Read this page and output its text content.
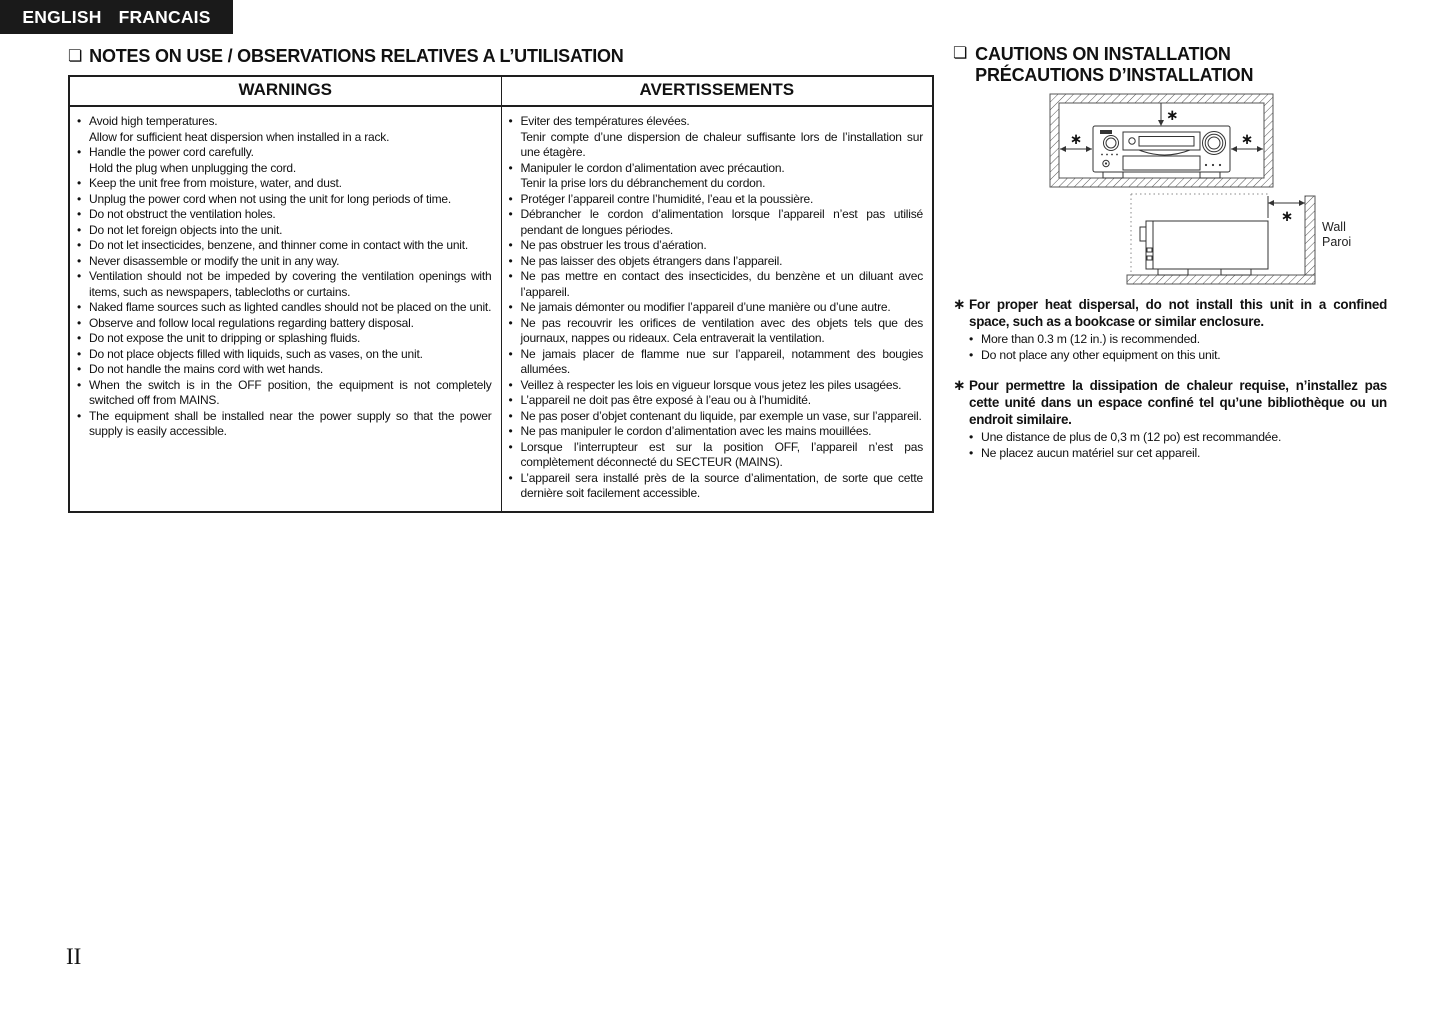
ENGLISH FRANCAIS
❏ NOTES ON USE / OBSERVATIONS RELATIVES A L’UTILISATION
WARNINGS	AVERTISSEMENTS
• Avoid high temperatures.
Allow for sufficient heat dispersion when installed in a rack.
• Handle the power cord carefully.
Hold the plug when unplugging the cord.
• Keep the unit free from moisture, water, and dust.
• Unplug the power cord when not using the unit for long periods of time.
• Do not obstruct the ventilation holes.
• Do not let foreign objects into the unit.
• Do not let insecticides, benzene, and thinner come in contact with the unit.
• Never disassemble or modify the unit in any way.
• Ventilation should not be impeded by covering the ventilation openings with items, such as newspapers, tablecloths or curtains.
• Naked flame sources such as lighted candles should not be placed on the unit.
• Observe and follow local regulations regarding battery disposal.
• Do not expose the unit to dripping or splashing fluids.
• Do not place objects filled with liquids, such as vases, on the unit.
• Do not handle the mains cord with wet hands.
• When the switch is in the OFF position, the equipment is not completely switched off from MAINS.
• The equipment shall be installed near the power supply so that the power supply is easily accessible.
• Eviter des températures élevées.
Tenir compte d’une dispersion de chaleur suffisante lors de l’installation sur une étagère.
• Manipuler le cordon d’alimentation avec précaution.
Tenir la prise lors du débranchement du cordon.
• Protéger l’appareil contre l’humidité, l’eau et la poussière.
• Débrancher le cordon d’alimentation lorsque l’appareil n’est pas utilisé pendant de longues périodes.
• Ne pas obstruer les trous d’aération.
• Ne pas laisser des objets étrangers dans l’appareil.
• Ne pas mettre en contact des insecticides, du benzène et un diluant avec l’appareil.
• Ne jamais démonter ou modifier l’appareil d’une manière ou d’une autre.
• Ne pas recouvrir les orifices de ventilation avec des objets tels que des journaux, nappes ou rideaux. Cela entraverait la ventilation.
• Ne jamais placer de flamme nue sur l’appareil, notamment des bougies allumées.
• Veillez à respecter les lois en vigueur lorsque vous jetez les piles usagées.
• L’appareil ne doit pas être exposé à l’eau ou à l’humidité.
• Ne pas poser d’objet contenant du liquide, par exemple un vase, sur l’appareil.
• Ne pas manipuler le cordon d’alimentation avec les mains mouillées.
• Lorsque l’interrupteur est sur la position OFF, l’appareil n’est pas complètement déconnecté du SECTEUR (MAINS).
• L’appareil sera installé près de la source d’alimentation, de sorte que cette dernière soit facilement accessible.
❏ CAUTIONS ON INSTALLATION
PRÉCAUTIONS D’INSTALLATION
∗
∗	∗
∗
Wall
Paroi
∗ For proper heat dispersal, do not install this unit in a confined space, such as a bookcase or similar enclosure.
• More than 0.3 m (12 in.) is recommended.
• Do not place any other equipment on this unit.
∗ Pour permettre la dissipation de chaleur requise, n’installez pas cette unité dans un espace confiné tel qu’une bibliothèque ou un endroit similaire.
• Une distance de plus de 0,3 m (12 po) est recommandée.
• Ne placez aucun matériel sur cet appareil.
II
